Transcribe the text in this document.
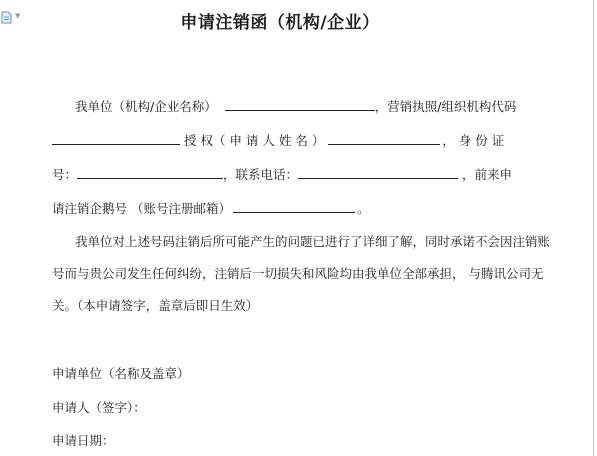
▼	申请注销函（机构/企业）
我单位（机构/企业名称）	，营销执照/组织机构代码
授 权（ 申 请 人 姓 名 ）	， 身 份 证
号：	，联系电话：	，前来申
请注销企鹅号 （账号注册邮箱）	。
我单位对上述号码注销后所可能产生的问题已进行了详细了解，同时承诺不会因注销账
号而与贵公司发生任何纠纷，注销后一切损失和风险均由我单位全部承担， 与腾讯公司无
关。（本申请签字，盖章后即日生效）
申请单位（名称及盖章）
申请人（签字）：
申请日期：
